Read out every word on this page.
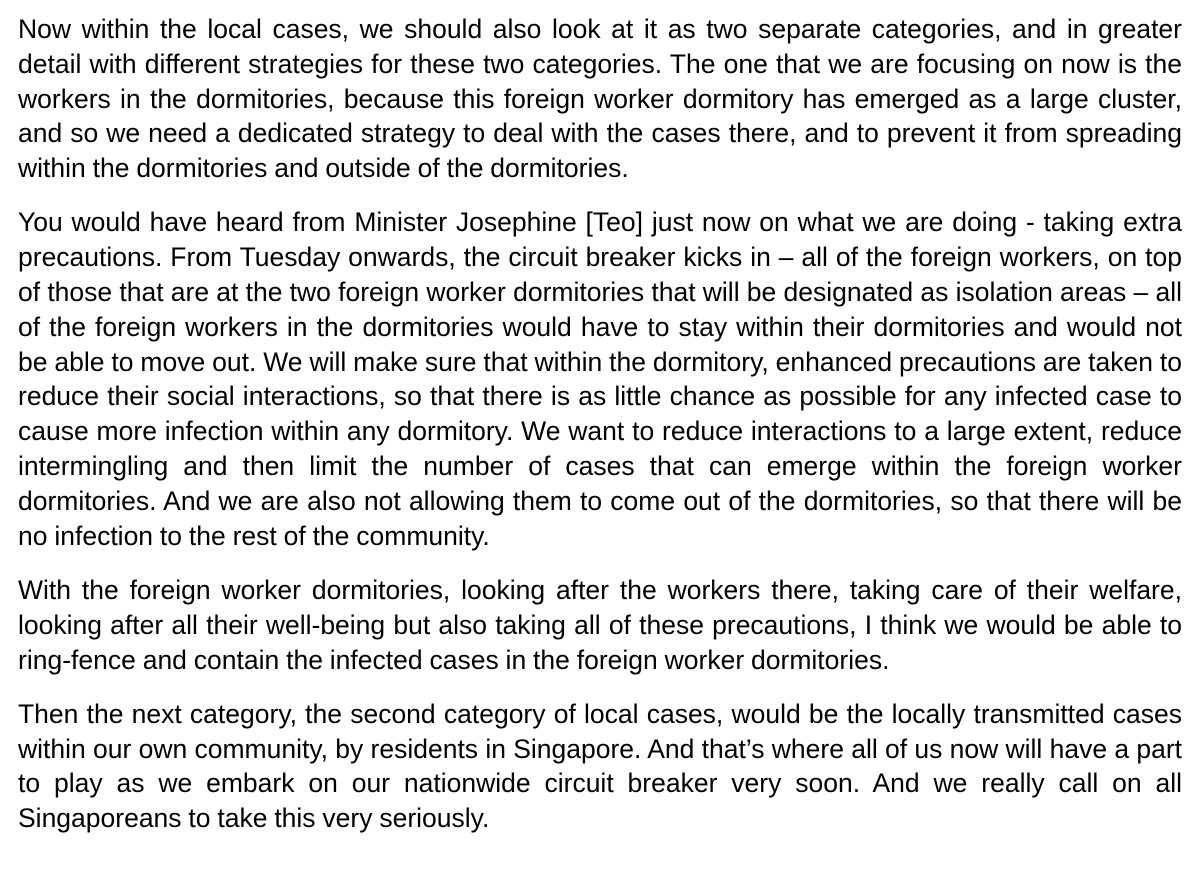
Now within the local cases, we should also look at it as two separate categories, and in greater detail with different strategies for these two categories. The one that we are focusing on now is the workers in the dormitories, because this foreign worker dormitory has emerged as a large cluster, and so we need a dedicated strategy to deal with the cases there, and to prevent it from spreading within the dormitories and outside of the dormitories.

You would have heard from Minister Josephine [Teo] just now on what we are doing - taking extra precautions. From Tuesday onwards, the circuit breaker kicks in – all of the foreign workers, on top of those that are at the two foreign worker dormitories that will be designated as isolation areas – all of the foreign workers in the dormitories would have to stay within their dormitories and would not be able to move out. We will make sure that within the dormitory, enhanced precautions are taken to reduce their social interactions, so that there is as little chance as possible for any infected case to cause more infection within any dormitory. We want to reduce interactions to a large extent, reduce intermingling and then limit the number of cases that can emerge within the foreign worker dormitories. And we are also not allowing them to come out of the dormitories, so that there will be no infection to the rest of the community.

With the foreign worker dormitories, looking after the workers there, taking care of their welfare, looking after all their well-being but also taking all of these precautions, I think we would be able to ring-fence and contain the infected cases in the foreign worker dormitories.

Then the next category, the second category of local cases, would be the locally transmitted cases within our own community, by residents in Singapore. And that’s where all of us now will have a part to play as we embark on our nationwide circuit breaker very soon. And we really call on all Singaporeans to take this very seriously.
